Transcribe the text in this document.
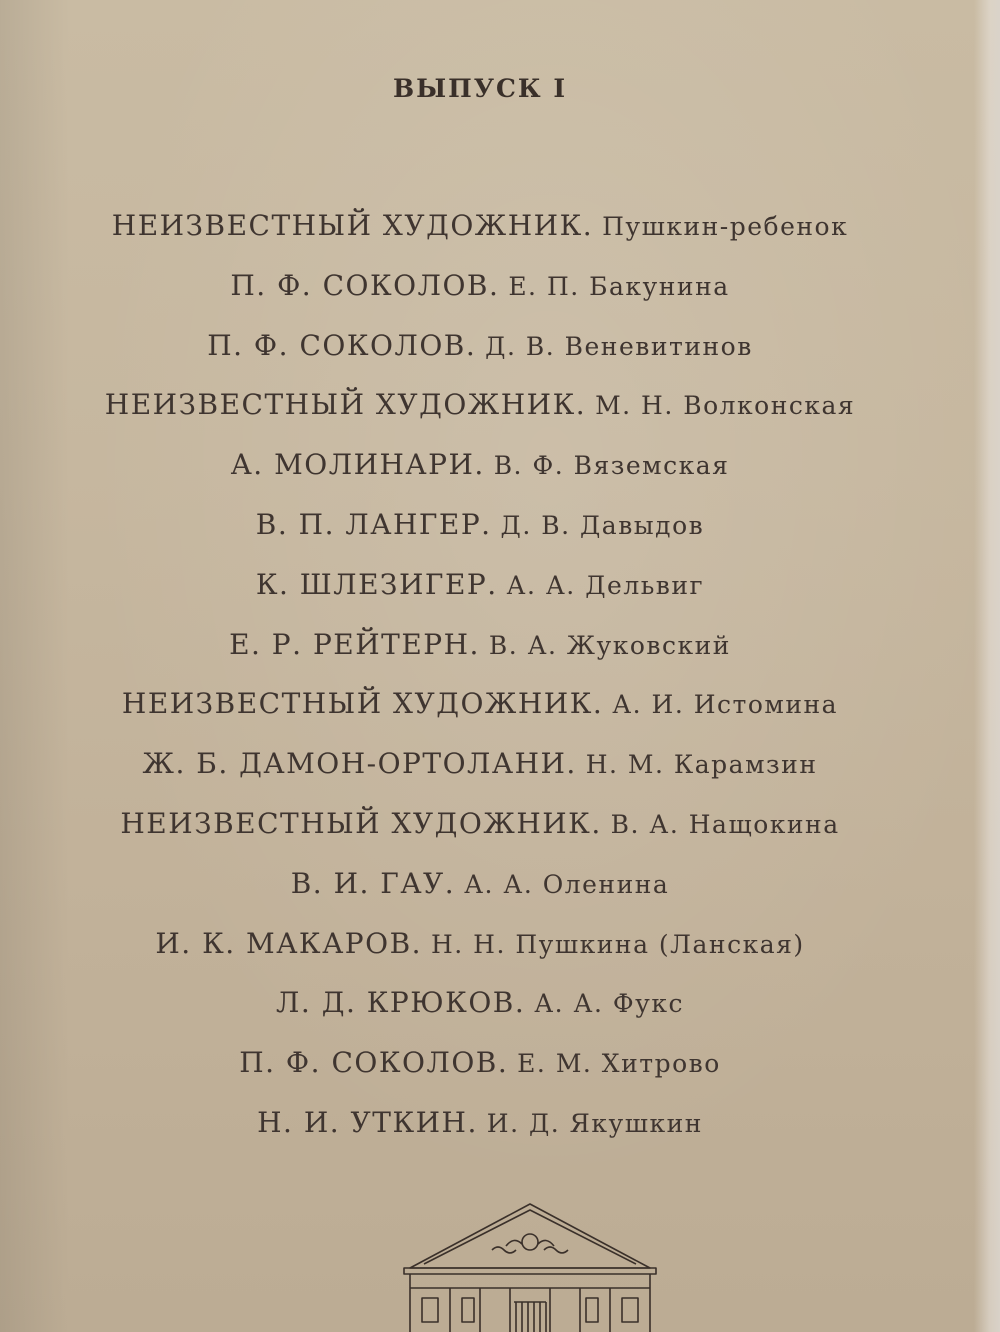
ВЫПУСК I
НЕИЗВЕСТНЫЙ ХУДОЖНИК. Пушкин-ребенок
П. Ф. СОКОЛОВ. Е. П. Бакунина
П. Ф. СОКОЛОВ. Д. В. Веневитинов
НЕИЗВЕСТНЫЙ ХУДОЖНИК. М. Н. Волконская
А. МОЛИНАРИ. В. Ф. Вяземская
В. П. ЛАНГЕР. Д. В. Давыдов
К. ШЛЕЗИГЕР. А. А. Дельвиг
Е. Р. РЕЙТЕРН. В. А. Жуковский
НЕИЗВЕСТНЫЙ ХУДОЖНИК. А. И. Истомина
Ж. Б. ДАМОН-ОРТОЛАНИ. Н. М. Карамзин
НЕИЗВЕСТНЫЙ ХУДОЖНИК. В. А. Нащокина
В. И. ГАУ. А. А. Оленина
И. К. МАКАРОВ. Н. Н. Пушкина (Ланская)
Л. Д. КРЮКОВ. А. А. Фукс
П. Ф. СОКОЛОВ. Е. М. Хитрово
Н. И. УТКИН. И. Д. Якушкин
